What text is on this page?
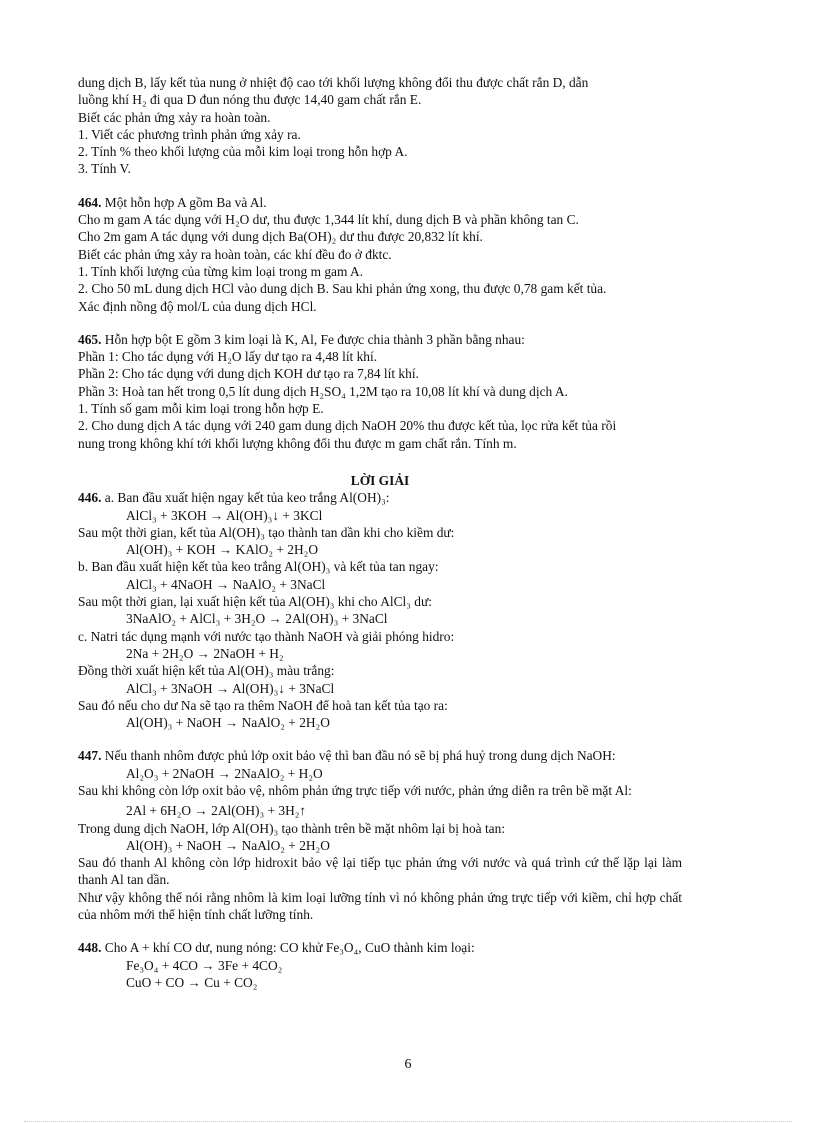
dung dịch B, lấy kết tủa nung ở nhiệt độ cao tới khối lượng không đổi thu được chất rắn D, dẫn
luồng khí H₂ đi qua D đun nóng thu được 14,40 gam chất rắn E.
Biết các phản ứng xảy ra hoàn toàn.
1. Viết các phương trình phản ứng xảy ra.
2. Tính % theo khối lượng của mỗi kim loại trong hỗn hợp A.
3. Tính V.
464. Một hỗn hợp A gồm Ba và Al.
Cho m gam A tác dụng với H₂O dư, thu được 1,344 lít khí, dung dịch B và phần không tan C.
Cho 2m gam A tác dụng với dung dịch Ba(OH)₂ dư thu được 20,832 lít khí.
Biết các phản ứng xảy ra hoàn toàn, các khí đều đo ở đktc.
1. Tính khối lượng của từng kim loại trong m gam A.
2. Cho 50 mL dung dịch HCl vào dung dịch B. Sau khi phản ứng xong, thu được 0,78 gam kết tủa.
Xác định nồng độ mol/L của dung dịch HCl.
465. Hỗn hợp bột E gồm 3 kim loại là K, Al, Fe được chia thành 3 phần bằng nhau:
Phần 1: Cho tác dụng với H₂O lấy dư tạo ra 4,48 lít khí.
Phần 2: Cho tác dụng với dung dịch KOH dư tạo ra 7,84 lít khí.
Phần 3: Hoà tan hết trong 0,5 lít dung dịch H₂SO₄ 1,2M tạo ra 10,08 lít khí và dung dịch A.
1. Tính số gam mỗi kim loại trong hỗn hợp E.
2. Cho dung dịch A tác dụng với 240 gam dung dịch NaOH 20% thu được kết tủa, lọc rửa kết tủa rồi
nung trong không khí tới khối lượng không đổi thu được m gam chất rắn. Tính m.
LỜI GIẢI
446. a. Ban đầu xuất hiện ngay kết tủa keo trắng Al(OH)₃:
AlCl₃ + 3KOH → Al(OH)₃↓ + 3KCl
Sau một thời gian, kết tủa Al(OH)₃ tạo thành tan dần khi cho kiềm dư:
Al(OH)₃ + KOH → KAlO₂ + 2H₂O
b. Ban đầu xuất hiện kết tủa keo trắng Al(OH)₃ và kết tủa tan ngay:
AlCl₃ + 4NaOH → NaAlO₂ + 3NaCl
Sau một thời gian, lại xuất hiện kết tủa Al(OH)₃ khi cho AlCl₃ dư:
3NaAlO₂ + AlCl₃ + 3H₂O → 2Al(OH)₃ + 3NaCl
c. Natri tác dụng mạnh với nước tạo thành NaOH và giải phóng hidro:
2Na + 2H₂O → 2NaOH + H₂
Đồng thời xuất hiện kết tủa Al(OH)₃ màu trắng:
AlCl₃ + 3NaOH → Al(OH)₃↓ + 3NaCl
Sau đó nếu cho dư Na sẽ tạo ra thêm NaOH để hoà tan kết tủa tạo ra:
Al(OH)₃ + NaOH → NaAlO₂ + 2H₂O
447. Nếu thanh nhôm được phủ lớp oxit bảo vệ thì ban đầu nó sẽ bị phá huỷ trong dung dịch NaOH:
Al₂O₃ + 2NaOH → 2NaAlO₂ + H₂O
Sau khi không còn lớp oxit bảo vệ, nhôm phản ứng trực tiếp với nước, phản ứng diễn ra trên bề mặt Al:
2Al + 6H₂O → 2Al(OH)₃ + 3H₂↑
Trong dung dịch NaOH, lớp Al(OH)₃ tạo thành trên bề mặt nhôm lại bị hoà tan:
Al(OH)₃ + NaOH → NaAlO₂ + 2H₂O
Sau đó thanh Al không còn lớp hidroxit bảo vệ lại tiếp tục phản ứng với nước và quá trình cứ thế lặp lại làm thanh Al tan dần.
Như vậy không thể nói rằng nhôm là kim loại lưỡng tính vì nó không phản ứng trực tiếp với kiềm, chỉ hợp chất của nhôm mới thể hiện tính chất lưỡng tính.
448. Cho A + khí CO dư, nung nóng: CO khử Fe₃O₄, CuO thành kim loại:
Fe₃O₄ + 4CO → 3Fe + 4CO₂
CuO + CO → Cu + CO₂
6
